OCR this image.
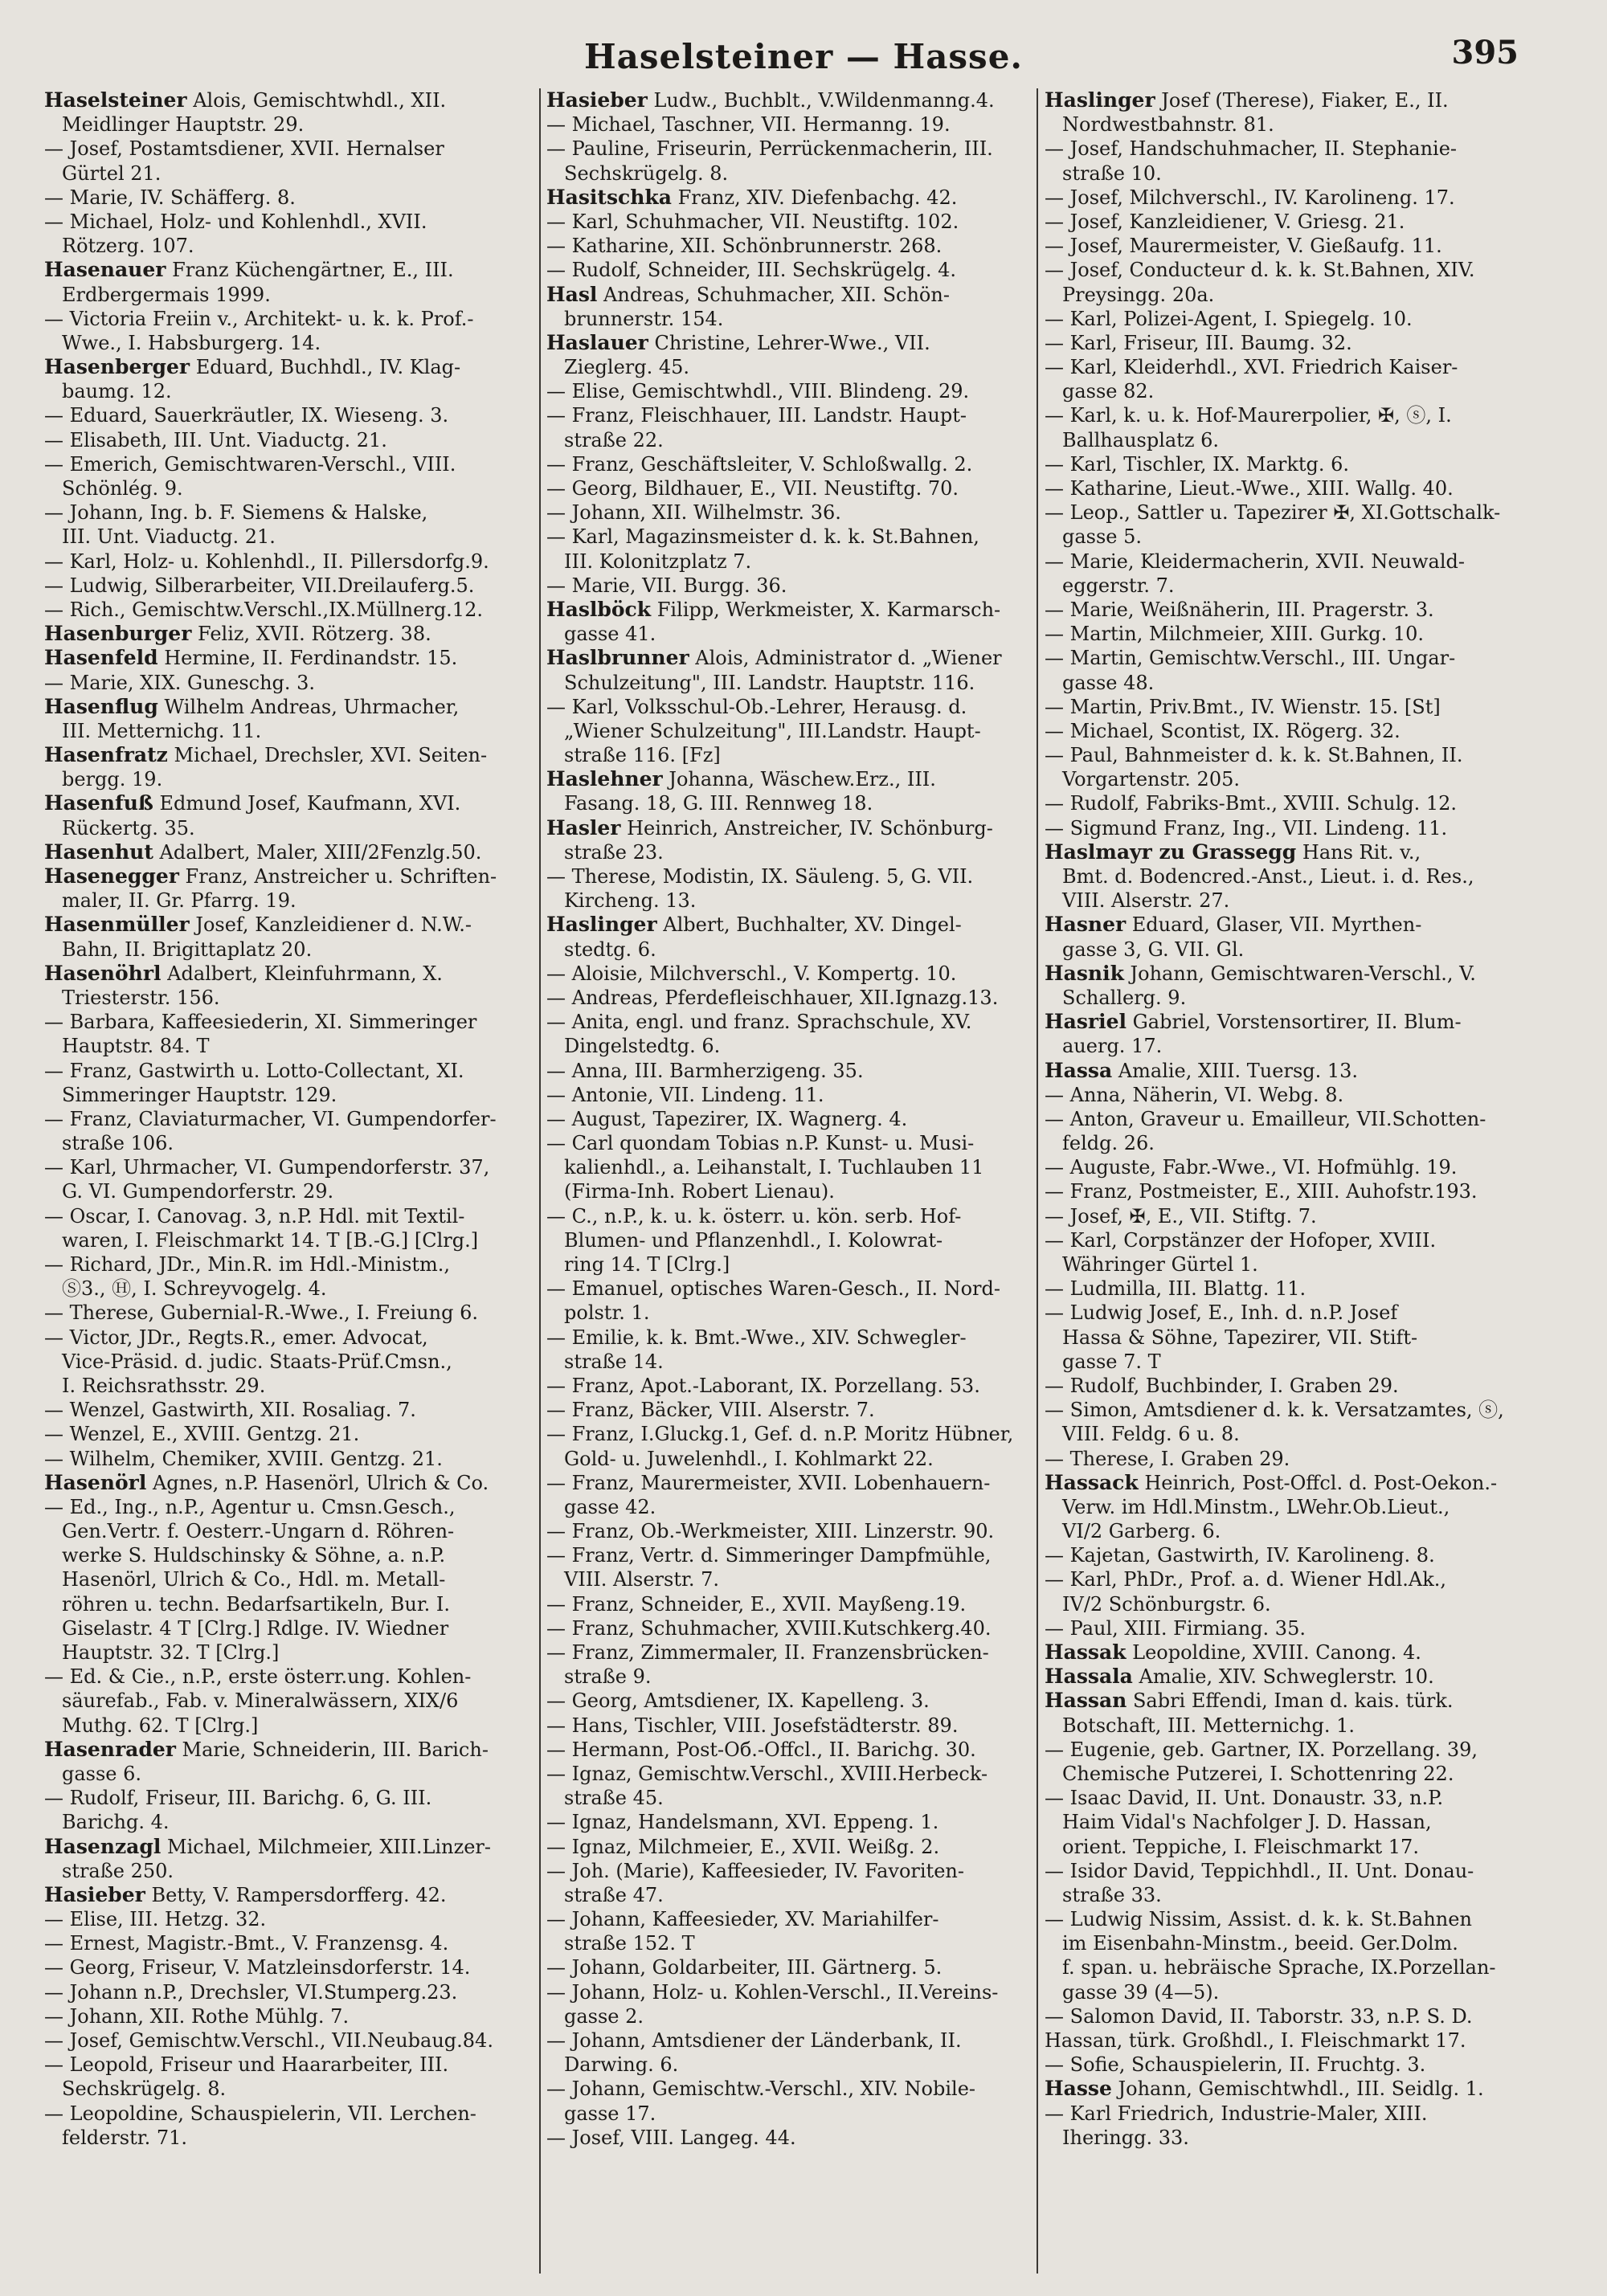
Haselsteiner — Hasse.	395
Haselsteiner Alois, Gemischtwhdl., XII.
Meidlinger Hauptstr. 29.
— Josef, Postamtsdiener, XVII. Hernalser
Gürtel 21.
— Marie, IV. Schäfferg. 8.
— Michael, Holz- und Kohlenhdl., XVII.
Rötzerg. 107.
Hasenauer Franz Küchengärtner, E., III.
Erdbergermais 1999.
— Victoria Freiin v., Architekt- u. k. k. Prof.-
Wwe., I. Habsburgerg. 14.
Hasenberger Eduard, Buchhdl., IV. Klag-
baumg. 12.
— Eduard, Sauerkräutler, IX. Wieseng. 3.
— Elisabeth, III. Unt. Viaductg. 21.
— Emerich, Gemischtwaren-Verschl., VIII.
Schönlég. 9.
— Johann, Ing. b. F. Siemens & Halske,
III. Unt. Viaductg. 21.
— Karl, Holz- u. Kohlenhdl., II. Pillersdorfg.9.
— Ludwig, Silberarbeiter, VII.Dreilauferg.5.
— Rich., Gemischtw.Verschl.,IX.Müllnerg.12.
Hasenburger Feliz, XVII. Rötzerg. 38.
Hasenfeld Hermine, II. Ferdinandstr. 15.
— Marie, XIX. Guneschg. 3.
Hasenflug Wilhelm Andreas, Uhrmacher,
III. Metternichg. 11.
Hasenfratz Michael, Drechsler, XVI. Seiten-
bergg. 19.
Hasenfuß Edmund Josef, Kaufmann, XVI.
Rückertg. 35.
Hasenhut Adalbert, Maler, XIII/2Fenzlg.50.
Hasenegger Franz, Anstreicher u. Schriften-
maler, II. Gr. Pfarrg. 19.
Hasenmüller Josef, Kanzleidiener d. N.W.-
Bahn, II. Brigittaplatz 20.
Hasenöhrl Adalbert, Kleinfuhrmann, X.
Triesterstr. 156.
— Barbara, Kaffeesiederin, XI. Simmeringer
Hauptstr. 84. T
— Franz, Gastwirth u. Lotto-Collectant, XI.
Simmeringer Hauptstr. 129.
— Franz, Claviaturmacher, VI. Gumpendorfer-
straße 106.
— Karl, Uhrmacher, VI. Gumpendorferstr. 37,
G. VI. Gumpendorferstr. 29.
— Oscar, I. Canovag. 3, n.P. Hdl. mit Textil-
waren, I. Fleischmarkt 14. T [B.-G.] [Clrg.]
— Richard, JDr., Min.R. im Hdl.-Ministm.,
Ⓢ3., Ⓗ, I. Schreyvogelg. 4.
— Therese, Gubernial-R.-Wwe., I. Freiung 6.
— Victor, JDr., Regts.R., emer. Advocat,
Vice-Präsid. d. judic. Staats-Prüf.Cmsn.,
I. Reichsrathsstr. 29.
— Wenzel, Gastwirth, XII. Rosaliag. 7.
— Wenzel, E., XVIII. Gentzg. 21.
— Wilhelm, Chemiker, XVIII. Gentzg. 21.
Hasenörl Agnes, n.P. Hasenörl, Ulrich & Co.
— Ed., Ing., n.P., Agentur u. Cmsn.Gesch.,
Gen.Vertr. f. Oesterr.-Ungarn d. Röhren-
werke S. Huldschinsky & Söhne, a. n.P.
Hasenörl, Ulrich & Co., Hdl. m. Metall-
röhren u. techn. Bedarfsartikeln, Bur. I.
Giselastr. 4 T [Clrg.] Rdlge. IV. Wiedner
Hauptstr. 32. T [Clrg.]
— Ed. & Cie., n.P., erste österr.ung. Kohlen-
säurefab., Fab. v. Mineralwässern, XIX/6
Muthg. 62. T [Clrg.]
Hasenrader Marie, Schneiderin, III. Barich-
gasse 6.
— Rudolf, Friseur, III. Barichg. 6, G. III.
Barichg. 4.
Hasenzagl Michael, Milchmeier, XIII.Linzer-
straße 250.
Hasieber Betty, V. Rampersdorfferg. 42.
— Elise, III. Hetzg. 32.
— Ernest, Magistr.-Bmt., V. Franzensg. 4.
— Georg, Friseur, V. Matzleinsdorferstr. 14.
— Johann n.P., Drechsler, VI.Stumperg.23.
— Johann, XII. Rothe Mühlg. 7.
— Josef, Gemischtw.Verschl., VII.Neubaug.84.
— Leopold, Friseur und Haararbeiter, III.
Sechskrügelg. 8.
— Leopoldine, Schauspielerin, VII. Lerchen-
felderstr. 71.
Hasieber Ludw., Buchblt., V.Wildenmanng.4.
— Michael, Taschner, VII. Hermanng. 19.
— Pauline, Friseurin, Perrückenmacherin, III.
Sechskrügelg. 8.
Hasitschka Franz, XIV. Diefenbachg. 42.
— Karl, Schuhmacher, VII. Neustiftg. 102.
— Katharine, XII. Schönbrunnerstr. 268.
— Rudolf, Schneider, III. Sechskrügelg. 4.
Hasl Andreas, Schuhmacher, XII. Schön-
brunnerstr. 154.
Haslauer Christine, Lehrer-Wwe., VII.
Zieglerg. 45.
— Elise, Gemischtwhdl., VIII. Blindeng. 29.
— Franz, Fleischhauer, III. Landstr. Haupt-
straße 22.
— Franz, Geschäftsleiter, V. Schloßwallg. 2.
— Georg, Bildhauer, E., VII. Neustiftg. 70.
— Johann, XII. Wilhelmstr. 36.
— Karl, Magazinsmeister d. k. k. St.Bahnen,
III. Kolonitzplatz 7.
— Marie, VII. Burgg. 36.
Haslböck Filipp, Werkmeister, X. Karmarsch-
gasse 41.
Haslbrunner Alois, Administrator d. „Wiener
Schulzeitung", III. Landstr. Hauptstr. 116.
— Karl, Volksschul-Ob.-Lehrer, Herausg. d.
„Wiener Schulzeitung", III.Landstr. Haupt-
straße 116. [Fz]
Haslehner Johanna, Wäschew.Erz., III.
Fasang. 18, G. III. Rennweg 18.
Hasler Heinrich, Anstreicher, IV. Schönburg-
straße 23.
— Therese, Modistin, IX. Säuleng. 5, G. VII.
Kircheng. 13.
Haslinger Albert, Buchhalter, XV. Dingel-
stedtg. 6.
— Aloisie, Milchverschl., V. Kompertg. 10.
— Andreas, Pferdefleischhauer, XII.Ignazg.13.
— Anita, engl. und franz. Sprachschule, XV.
Dingelstedtg. 6.
— Anna, III. Barmherzigeng. 35.
— Antonie, VII. Lindeng. 11.
— August, Tapezirer, IX. Wagnerg. 4.
— Carl quondam Tobias n.P. Kunst- u. Musi-
kalienhdl., a. Leihanstalt, I. Tuchlauben 11
(Firma-Inh. Robert Lienau).
— C., n.P., k. u. k. österr. u. kön. serb. Hof-
Blumen- und Pflanzenhdl., I. Kolowrat-
ring 14. T [Clrg.]
— Emanuel, optisches Waren-Gesch., II. Nord-
polstr. 1.
— Emilie, k. k. Bmt.-Wwe., XIV. Schwegler-
straße 14.
— Franz, Apot.-Laborant, IX. Porzellang. 53.
— Franz, Bäcker, VIII. Alserstr. 7.
— Franz, I.Gluckg.1, Gef. d. n.P. Moritz Hübner,
Gold- u. Juwelenhdl., I. Kohlmarkt 22.
— Franz, Maurermeister, XVII. Lobenhauern-
gasse 42.
— Franz, Ob.-Werkmeister, XIII. Linzerstr. 90.
— Franz, Vertr. d. Simmeringer Dampfmühle,
VIII. Alserstr. 7.
— Franz, Schneider, E., XVII. Mayßeng.19.
— Franz, Schuhmacher, XVIII.Kutschkerg.40.
— Franz, Zimmermaler, II. Franzensbrücken-
straße 9.
— Georg, Amtsdiener, IX. Kapelleng. 3.
— Hans, Tischler, VIII. Josefstädterstr. 89.
— Hermann, Post-Oб.-Offcl., II. Barichg. 30.
— Ignaz, Gemischtw.Verschl., XVIII.Herbeck-
straße 45.
— Ignaz, Handelsmann, XVI. Eppeng. 1.
— Ignaz, Milchmeier, E., XVII. Weißg. 2.
— Joh. (Marie), Kaffeesieder, IV. Favoriten-
straße 47.
— Johann, Kaffeesieder, XV. Mariahilfer-
straße 152. T
— Johann, Goldarbeiter, III. Gärtnerg. 5.
— Johann, Holz- u. Kohlen-Verschl., II.Vereins-
gasse 2.
— Johann, Amtsdiener der Länderbank, II.
Darwing. 6.
— Johann, Gemischtw.-Verschl., XIV. Nobile-
gasse 17.
— Josef, VIII. Langeg. 44.
Haslinger Josef (Therese), Fiaker, E., II.
Nordwestbahnstr. 81.
— Josef, Handschuhmacher, II. Stephanie-
straße 10.
— Josef, Milchverschl., IV. Karolineng. 17.
— Josef, Kanzleidiener, V. Griesg. 21.
— Josef, Maurermeister, V. Gießaufg. 11.
— Josef, Conducteur d. k. k. St.Bahnen, XIV.
Preysingg. 20a.
— Karl, Polizei-Agent, I. Spiegelg. 10.
— Karl, Friseur, III. Baumg. 32.
— Karl, Kleiderhdl., XVI. Friedrich Kaiser-
gasse 82.
— Karl, k. u. k. Hof-Maurerpolier, ✠, ⓢ, I.
Ballhausplatz 6.
— Karl, Tischler, IX. Marktg. 6.
— Katharine, Lieut.-Wwe., XIII. Wallg. 40.
— Leop., Sattler u. Tapezirer ✠, XI.Gottschalk-
gasse 5.
— Marie, Kleidermacherin, XVII. Neuwald-
eggerstr. 7.
— Marie, Weißnäherin, III. Pragerstr. 3.
— Martin, Milchmeier, XIII. Gurkg. 10.
— Martin, Gemischtw.Verschl., III. Ungar-
gasse 48.
— Martin, Priv.Bmt., IV. Wienstr. 15. [St]
— Michael, Scontist, IX. Rögerg. 32.
— Paul, Bahnmeister d. k. k. St.Bahnen, II.
Vorgartenstr. 205.
— Rudolf, Fabriks-Bmt., XVIII. Schulg. 12.
— Sigmund Franz, Ing., VII. Lindeng. 11.
Haslmayr zu Grassegg Hans Rit. v.,
Bmt. d. Bodencred.-Anst., Lieut. i. d. Res.,
VIII. Alserstr. 27.
Hasner Eduard, Glaser, VII. Myrthen-
gasse 3, G. VII. Gl.
Hasnik Johann, Gemischtwaren-Verschl., V.
Schallerg. 9.
Hasriel Gabriel, Vorstensortirer, II. Blum-
auerg. 17.
Hassa Amalie, XIII. Tuersg. 13.
— Anna, Näherin, VI. Webg. 8.
— Anton, Graveur u. Emailleur, VII.Schotten-
feldg. 26.
— Auguste, Fabr.-Wwe., VI. Hofmühlg. 19.
— Franz, Postmeister, E., XIII. Auhofstr.193.
— Josef, ✠, E., VII. Stiftg. 7.
— Karl, Corpstänzer der Hofoper, XVIII.
Währinger Gürtel 1.
— Ludmilla, III. Blattg. 11.
— Ludwig Josef, E., Inh. d. n.P. Josef
Hassa & Söhne, Tapezirer, VII. Stift-
gasse 7. T
— Rudolf, Buchbinder, I. Graben 29.
— Simon, Amtsdiener d. k. k. Versatzamtes, ⓢ,
VIII. Feldg. 6 u. 8.
— Therese, I. Graben 29.
Hassack Heinrich, Post-Offcl. d. Post-Oekon.-
Verw. im Hdl.Minstm., LWehr.Ob.Lieut.,
VI/2 Garberg. 6.
— Kajetan, Gastwirth, IV. Karolineng. 8.
— Karl, PhDr., Prof. a. d. Wiener Hdl.Ak.,
IV/2 Schönburgstr. 6.
— Paul, XIII. Firmiang. 35.
Hassak Leopoldine, XVIII. Canong. 4.
Hassala Amalie, XIV. Schweglerstr. 10.
Hassan Sabri Effendi, Iman d. kais. türk.
Botschaft, III. Metternichg. 1.
— Eugenie, geb. Gartner, IX. Porzellang. 39,
Chemische Putzerei, I. Schottenring 22.
— Isaac David, II. Unt. Donaustr. 33, n.P.
Haim Vidal's Nachfolger J. D. Hassan,
orient. Teppiche, I. Fleischmarkt 17.
— Isidor David, Teppichhdl., II. Unt. Donau-
straße 33.
— Ludwig Nissim, Assist. d. k. k. St.Bahnen
im Eisenbahn-Minstm., beeid. Ger.Dolm.
f. span. u. hebräische Sprache, IX.Porzellan-
gasse 39 (4—5).
— Salomon David, II. Taborstr. 33, n.P. S. D.
Hassan, türk. Großhdl., I. Fleischmarkt 17.
— Sofie, Schauspielerin, II. Fruchtg. 3.
Hasse Johann, Gemischtwhdl., III. Seidlg. 1.
— Karl Friedrich, Industrie-Maler, XIII.
Iheringg. 33.
